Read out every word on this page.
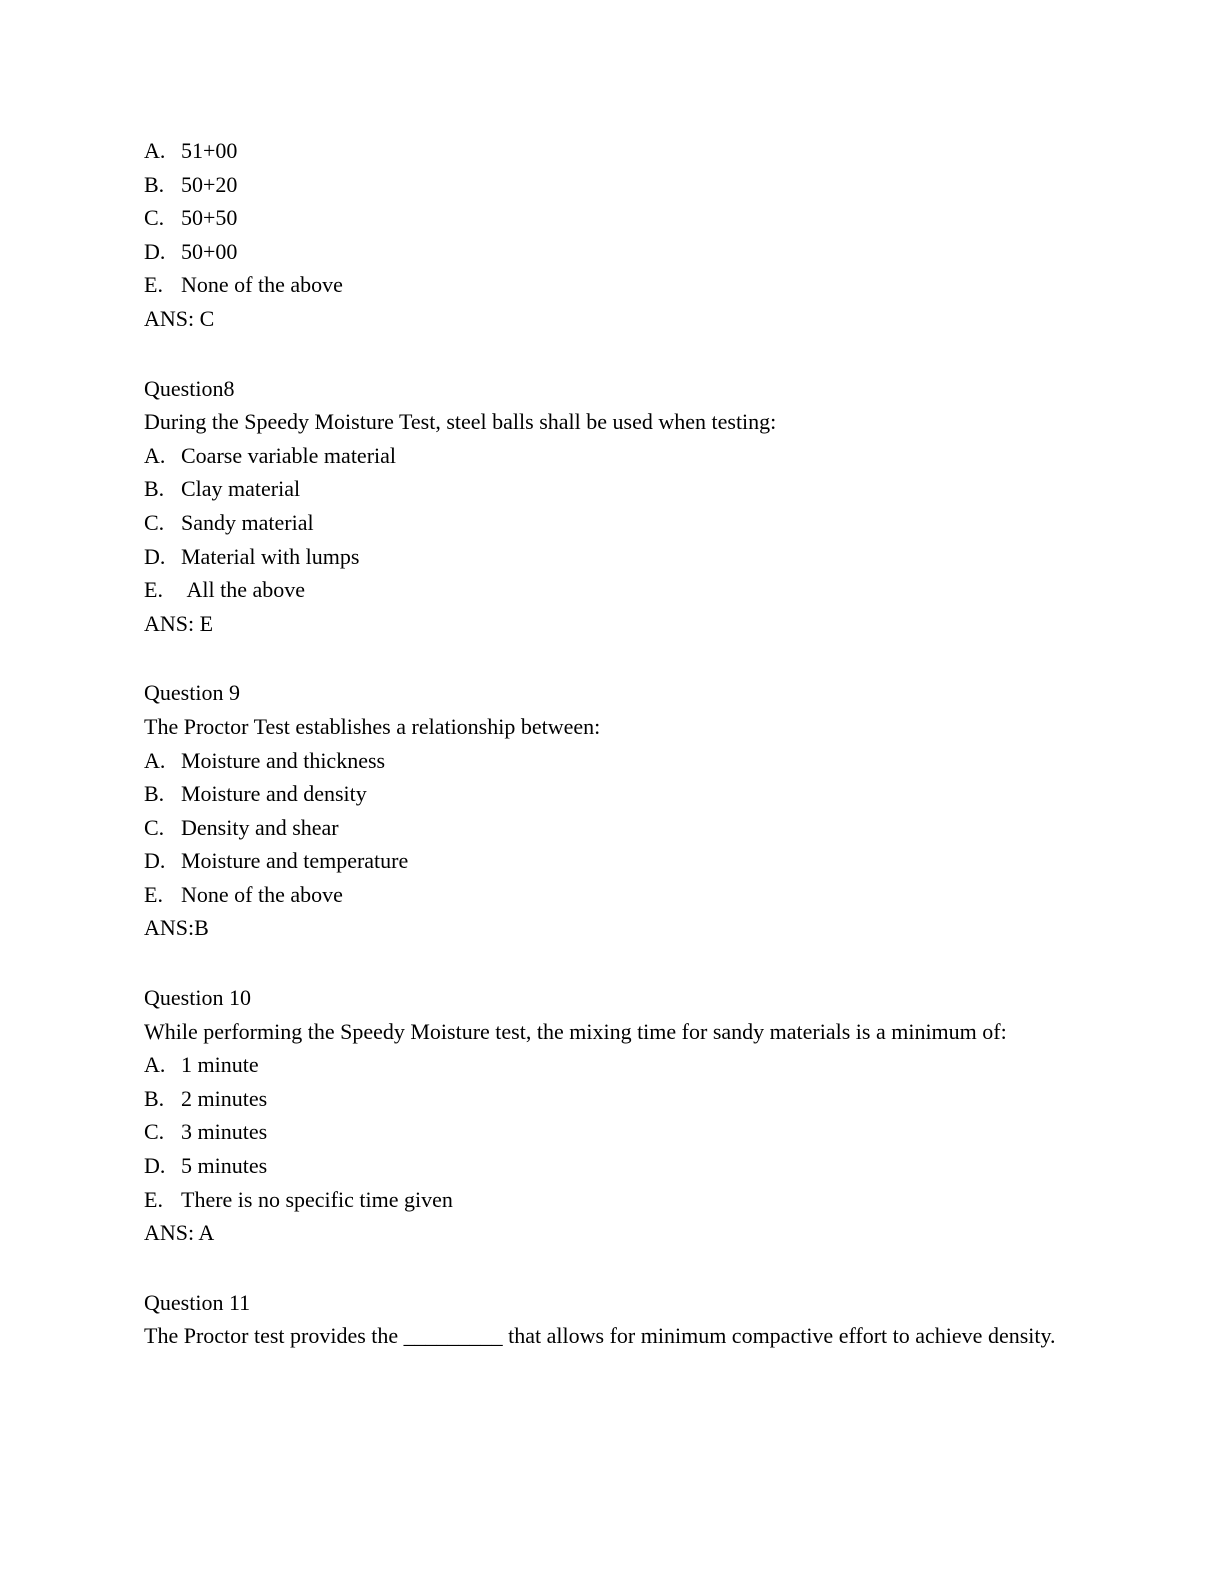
A. 51+00
B. 50+20
C. 50+50
D. 50+00
E. None of the above
ANS: C
Question8
During the Speedy Moisture Test, steel balls shall be used when testing:
A. Coarse variable material
B. Clay material
C. Sandy material
D. Material with lumps
E. All the above
ANS: E
Question 9
The Proctor Test establishes a relationship between:
A. Moisture and thickness
B. Moisture and density
C. Density and shear
D. Moisture and temperature
E. None of the above
ANS:B
Question 10
While performing the Speedy Moisture test, the mixing time for sandy materials is a minimum of:
A. 1 minute
B. 2 minutes
C. 3 minutes
D. 5 minutes
E. There is no specific time given
ANS: A
Question 11
The Proctor test provides the _________ that allows for minimum compactive effort to achieve density.
